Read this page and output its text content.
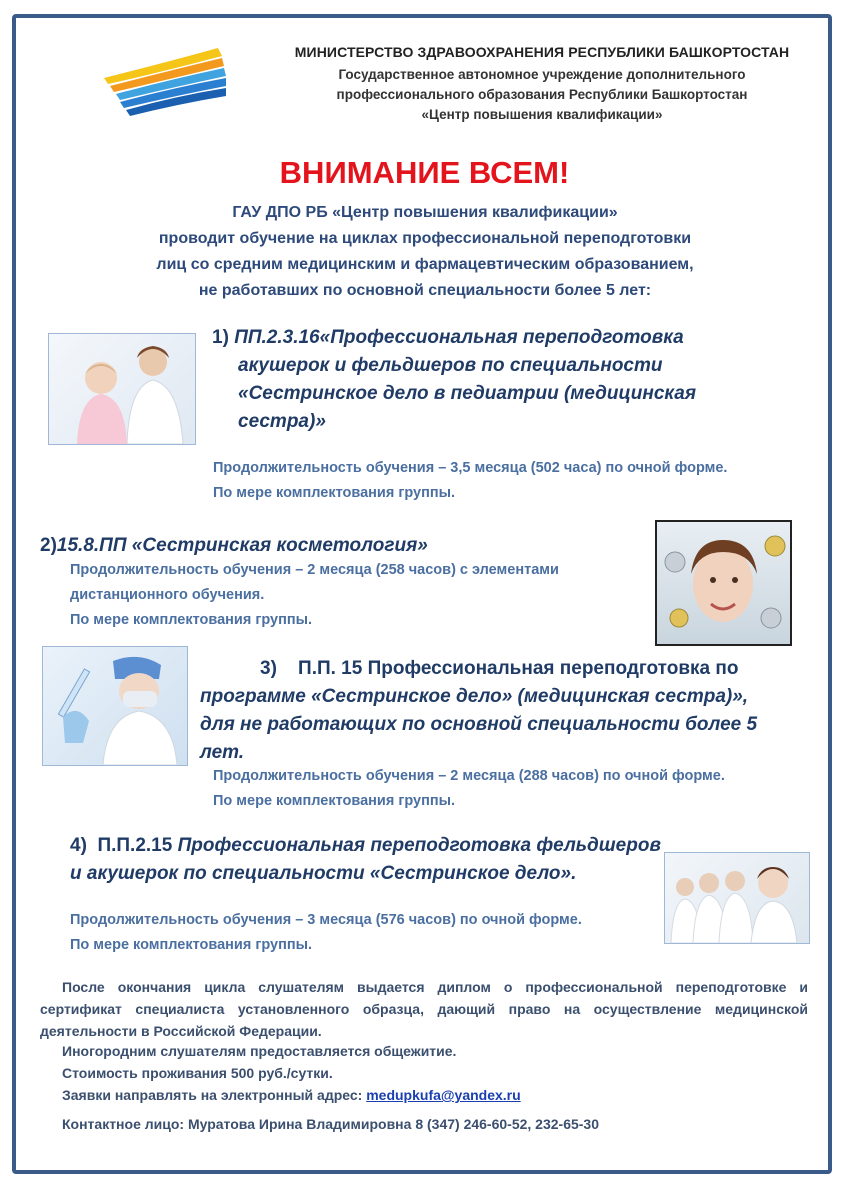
МИНИСТЕРСТВО ЗДРАВООХРАНЕНИЯ РЕСПУБЛИКИ БАШКОРТОСТАН
Государственное автономное учреждение дополнительного
профессионального образования Республики Башкортостан
«Центр повышения квалификации»
ВНИМАНИЕ ВСЕМ!
ГАУ ДПО РБ «Центр повышения квалификации»
проводит обучение на циклах профессиональной переподготовки
лиц со средним медицинским и фармацевтическим образованием,
не работавших по основной специальности более 5 лет:
1) ПП.2.3.16«Профессиональная переподготовка
акушерок и фельдшеров по специальности
«Сестринское дело в педиатрии (медицинская
сестра)»
Продолжительность обучения – 3,5 месяца (502 часа) по очной форме.
По мере комплектования группы.
2)15.8.ПП «Сестринская косметология»
Продолжительность обучения – 2 месяца (258 часов) с элементами
дистанционного обучения.
По мере комплектования группы.
3) П.П. 15 Профессиональная переподготовка по
программе «Сестринское дело» (медицинская сестра)»,
для не работающих по основной специальности более 5
лет.
Продолжительность обучения – 2 месяца (288 часов) по очной форме.
По мере комплектования группы.
4) П.П.2.15 Профессиональная переподготовка фельдшеров
и акушерок по специальности «Сестринское дело».
Продолжительность обучения – 3 месяца (576 часов) по очной форме.
По мере комплектования группы.
После окончания цикла слушателям выдается диплом о профессиональной переподготовке и
сертификат специалиста установленного образца, дающий право на осуществление медицинской
деятельности в Российской Федерации.
Иногородним слушателям предоставляется общежитие.
Стоимость проживания 500 руб./сутки.
Заявки направлять на электронный адрес: medupkufa@yandex.ru
Контактное лицо: Муратова Ирина Владимировна 8 (347) 246-60-52, 232-65-30
